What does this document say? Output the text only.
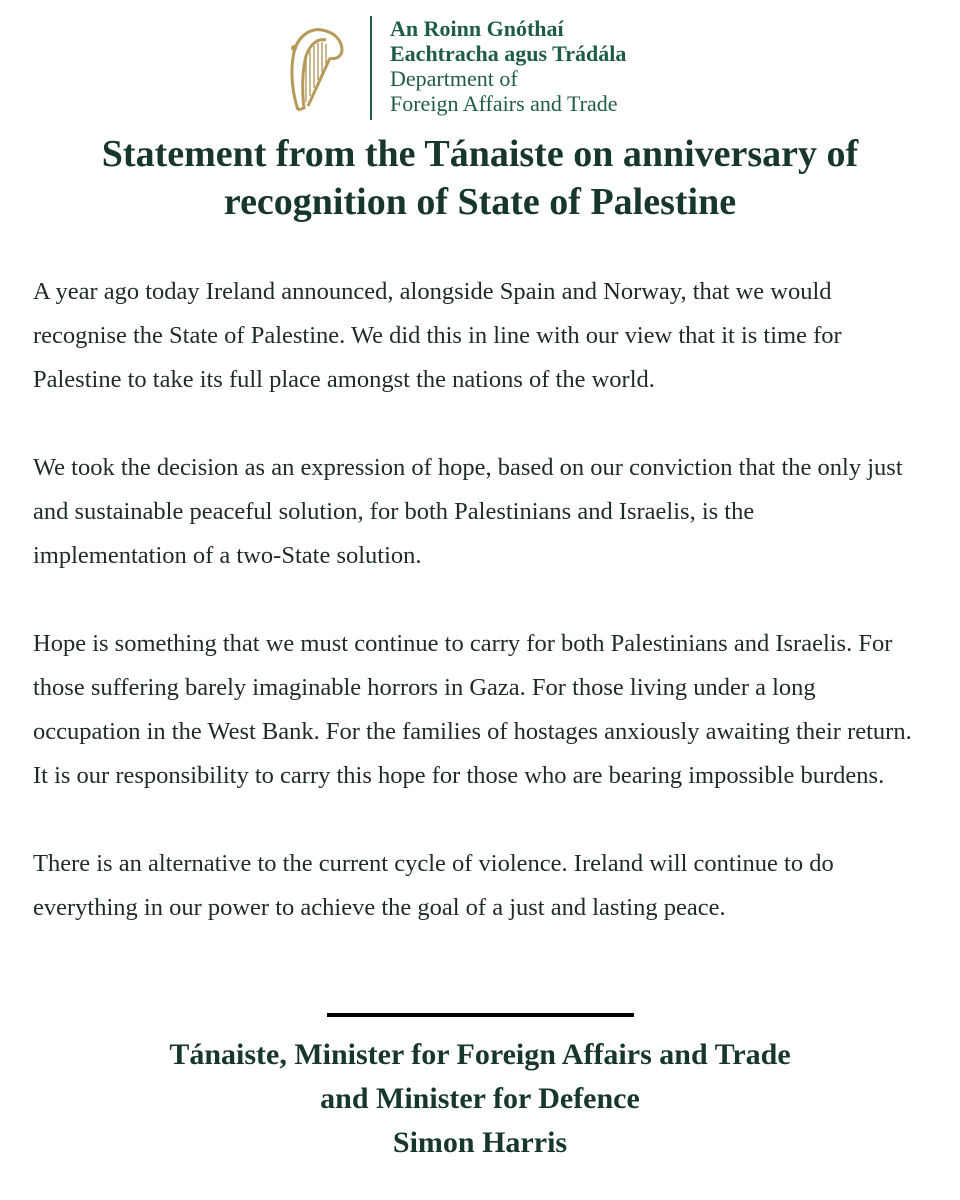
An Roinn Gnóthaí
Eachtracha agus Trádála
Department of
Foreign Affairs and Trade
Statement from the Tánaiste on anniversary of
recognition of State of Palestine

A year ago today Ireland announced, alongside Spain and Norway, that we would recognise the State of Palestine. We did this in line with our view that it is time for Palestine to take its full place amongst the nations of the world.

We took the decision as an expression of hope, based on our conviction that the only just and sustainable peaceful solution, for both Palestinians and Israelis, is the implementation of a two-State solution.

Hope is something that we must continue to carry for both Palestinians and Israelis. For those suffering barely imaginable horrors in Gaza. For those living under a long occupation in the West Bank. For the families of hostages anxiously awaiting their return. It is our responsibility to carry this hope for those who are bearing impossible burdens.

There is an alternative to the current cycle of violence. Ireland will continue to do everything in our power to achieve the goal of a just and lasting peace.

Tánaiste, Minister for Foreign Affairs and Trade
and Minister for Defence
Simon Harris
